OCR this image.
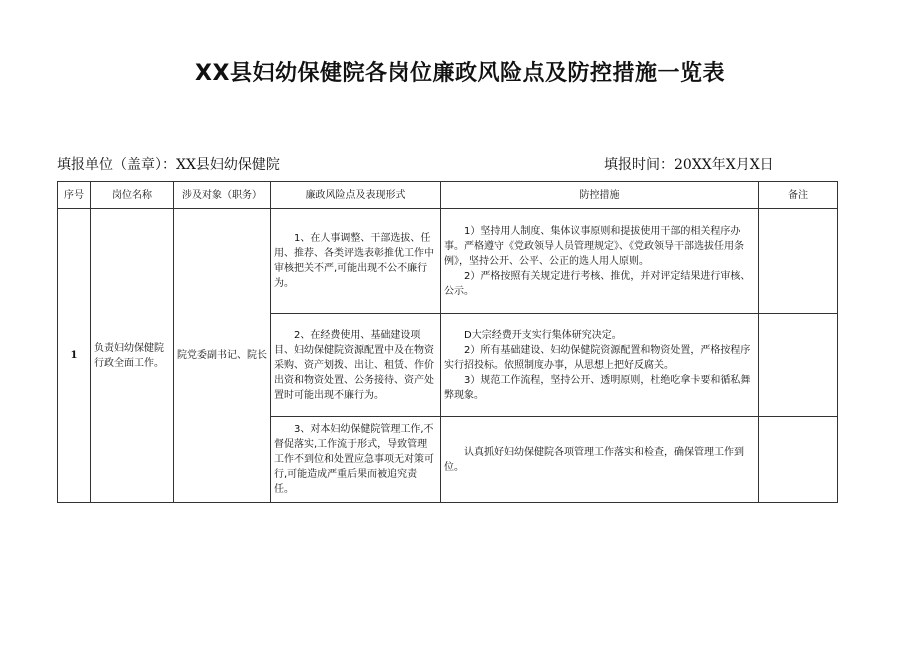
XX县妇幼保健院各岗位廉政风险点及防控措施一览表
填报单位（盖章）：XX县妇幼保健院	填报时间：20XX年X月X日
序号	岗位名称	涉及对象（职务）	廉政风险点及表现形式	防控措施	备注
1	负责妇幼保健院行政全面工作。	院党委副书记、院长	1、在人事调整、干部选拔、任用、推荐、各类评选表彰推优工作中审核把关不严,可能出现不公不廉行为。	1）坚持用人制度、集体议事原则和提拔使用干部的相关程序办事。严格遵守《党政领导人员管理规定》、《党政领导干部选拔任用条例》，坚持公开、公平、公正的选人用人原则。

2）严格按照有关规定进行考核、推优，并对评定结果进行审核、公示。	

			2、在经费使用、基础建设项目、妇幼保健院资源配置中及在物资采购、资产划拨、出让、租赁、作价出资和物资处置、公务接待、资产处置时可能出现不廉行为。	D大宗经费开支实行集体研究决定。

2）所有基础建设、妇幼保健院资源配置和物资处置，严格按程序实行招投标。依照制度办事，从思想上把好反腐关。

3）规范工作流程，坚持公开、透明原则，杜绝吃拿卡要和循私舞弊现象。	

			3、对本妇幼保健院管理工作,不督促落实,工作流于形式，导致管理工作不到位和处置应急事项无对策可行,可能造成严重后果而被追究责任。	认真抓好妇幼保健院各项管理工作落实和检查，确保管理工作到位。	
